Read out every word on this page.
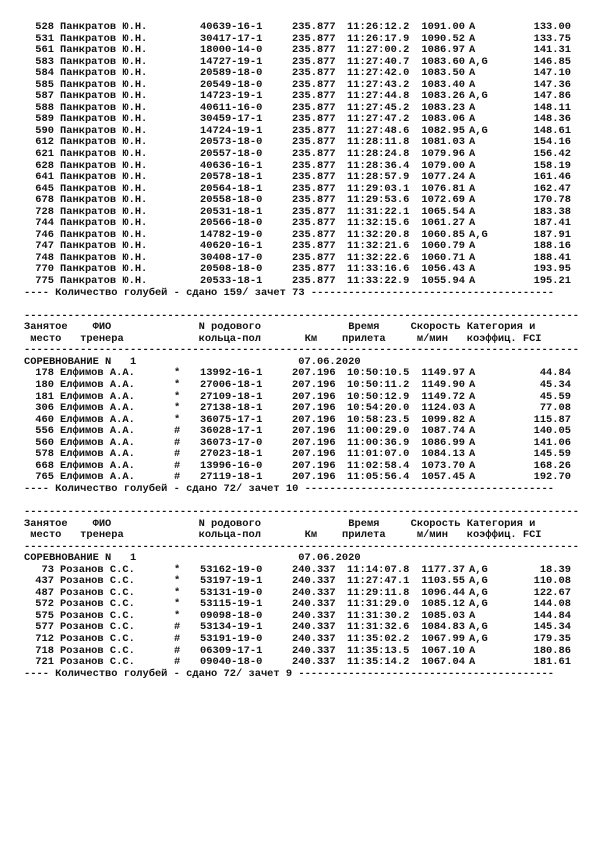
528 Панкратов Ю.Н.	40639-16-1	235.877 11:26:12.2 1091.00 A	133.00
531 Панкратов Ю.Н.	30417-17-1	235.877 11:26:17.9 1090.52 A	133.75
561 Панкратов Ю.Н.	18000-14-0	235.877 11:27:00.2 1086.97 A	141.31
583 Панкратов Ю.Н.	14727-19-1	235.877 11:27:40.7 1083.60 A,G	146.85
584 Панкратов Ю.Н.	20589-18-0	235.877 11:27:42.0 1083.50 A	147.10
585 Панкратов Ю.Н.	20549-18-0	235.877 11:27:43.2 1083.40 A	147.36
587 Панкратов Ю.Н.	14723-19-1	235.877 11:27:44.8 1083.26 A,G	147.86
588 Панкратов Ю.Н.	40611-16-0	235.877 11:27:45.2 1083.23 A	148.11
589 Панкратов Ю.Н.	30459-17-1	235.877 11:27:47.2 1083.06 A	148.36
590 Панкратов Ю.Н.	14724-19-1	235.877 11:27:48.6 1082.95 A,G	148.61
612 Панкратов Ю.Н.	20573-18-0	235.877 11:28:11.8 1081.03 A	154.16
621 Панкратов Ю.Н.	20557-18-0	235.877 11:28:24.8 1079.96 A	156.42
628 Панкратов Ю.Н.	40636-16-1	235.877 11:28:36.4 1079.00 A	158.19
641 Панкратов Ю.Н.	20578-18-1	235.877 11:28:57.9 1077.24 A	161.46
645 Панкратов Ю.Н.	20564-18-1	235.877 11:29:03.1 1076.81 A	162.47
678 Панкратов Ю.Н.	20558-18-0	235.877 11:29:53.6 1072.69 A	170.78
728 Панкратов Ю.Н.	20531-18-1	235.877 11:31:22.1 1065.54 A	183.38
744 Панкратов Ю.Н.	20566-18-0	235.877 11:32:15.6 1061.27 A	187.41
746 Панкратов Ю.Н.	14782-19-0	235.877 11:32:20.8 1060.85 A,G	187.91
747 Панкратов Ю.Н.	40620-16-1	235.877 11:32:21.6 1060.79 A	188.16
748 Панкратов Ю.Н.	30408-17-0	235.877 11:32:22.6 1060.71 A	188.41
770 Панкратов Ю.Н.	20508-18-0	235.877 11:33:16.6 1056.43 A	193.95
775 Панкратов Ю.Н.	20533-18-1	235.877 11:33:22.9 1055.94 A	195.21
---- Количество голубей - сдано 159/ зачет 73 ---------------------------------------
-----------------------------------------------------------------------------------------
Занятое    ФИО              N родового              Время     Скорость Категория и
место   тренера            кольца-пол       Км    прилета     м/мин   коэффиц. FCI
-----------------------------------------------------------------------------------------
СОРЕВНОВАНИЕ N   1	07.06.2020
178 Елфимов А.А.	* 13992-16-1	207.196 10:50:10.5 1149.97 A	44.84
180 Елфимов А.А.	* 27006-18-1	207.196 10:50:11.2 1149.90 A	45.34
181 Елфимов А.А.	* 27109-18-1	207.196 10:50:12.9 1149.72 A	45.59
306 Елфимов А.А.	* 27138-18-1	207.196 10:54:20.0 1124.03 A	77.08
460 Елфимов А.А.	* 36075-17-1	207.196 10:58:23.5 1099.82 A	115.87
556 Елфимов А.А.	# 36028-17-1	207.196 11:00:29.0 1087.74 A	140.05
560 Елфимов А.А.	# 36073-17-0	207.196 11:00:36.9 1086.99 A	141.06
578 Елфимов А.А.	# 27023-18-1	207.196 11:01:07.0 1084.13 A	145.59
668 Елфимов А.А.	# 13996-16-0	207.196 11:02:58.4 1073.70 A	168.26
765 Елфимов А.А.	# 27119-18-1	207.196 11:05:56.4 1057.45 A	192.70
---- Количество голубей - сдано 72/ зачет 10 ----------------------------------------
-----------------------------------------------------------------------------------------
Занятое    ФИО              N родового              Время     Скорость Категория и
место   тренера            кольца-пол       Км    прилета     м/мин   коэффиц. FCI
-----------------------------------------------------------------------------------------
СОРЕВНОВАНИЕ N   1	07.06.2020
73 Розанов С.С.	* 53162-19-0	240.337 11:14:07.8 1177.37 A,G	18.39
437 Розанов С.С.	* 53197-19-1	240.337 11:27:47.1 1103.55 A,G	110.08
487 Розанов С.С.	* 53131-19-0	240.337 11:29:11.8 1096.44 A,G	122.67
572 Розанов С.С.	* 53115-19-1	240.337 11:31:29.0 1085.12 A,G	144.08
575 Розанов С.С.	* 09098-18-0	240.337 11:31:30.2 1085.03 A	144.84
577 Розанов С.С.	# 53134-19-1	240.337 11:31:32.6 1084.83 A,G	145.34
712 Розанов С.С.	# 53191-19-0	240.337 11:35:02.2 1067.99 A,G	179.35
718 Розанов С.С.	# 06309-17-1	240.337 11:35:13.5 1067.10 A	180.86
721 Розанов С.С.	# 09040-18-0	240.337 11:35:14.2 1067.04 A	181.61
---- Количество голубей - сдано 72/ зачет 9 -----------------------------------------
